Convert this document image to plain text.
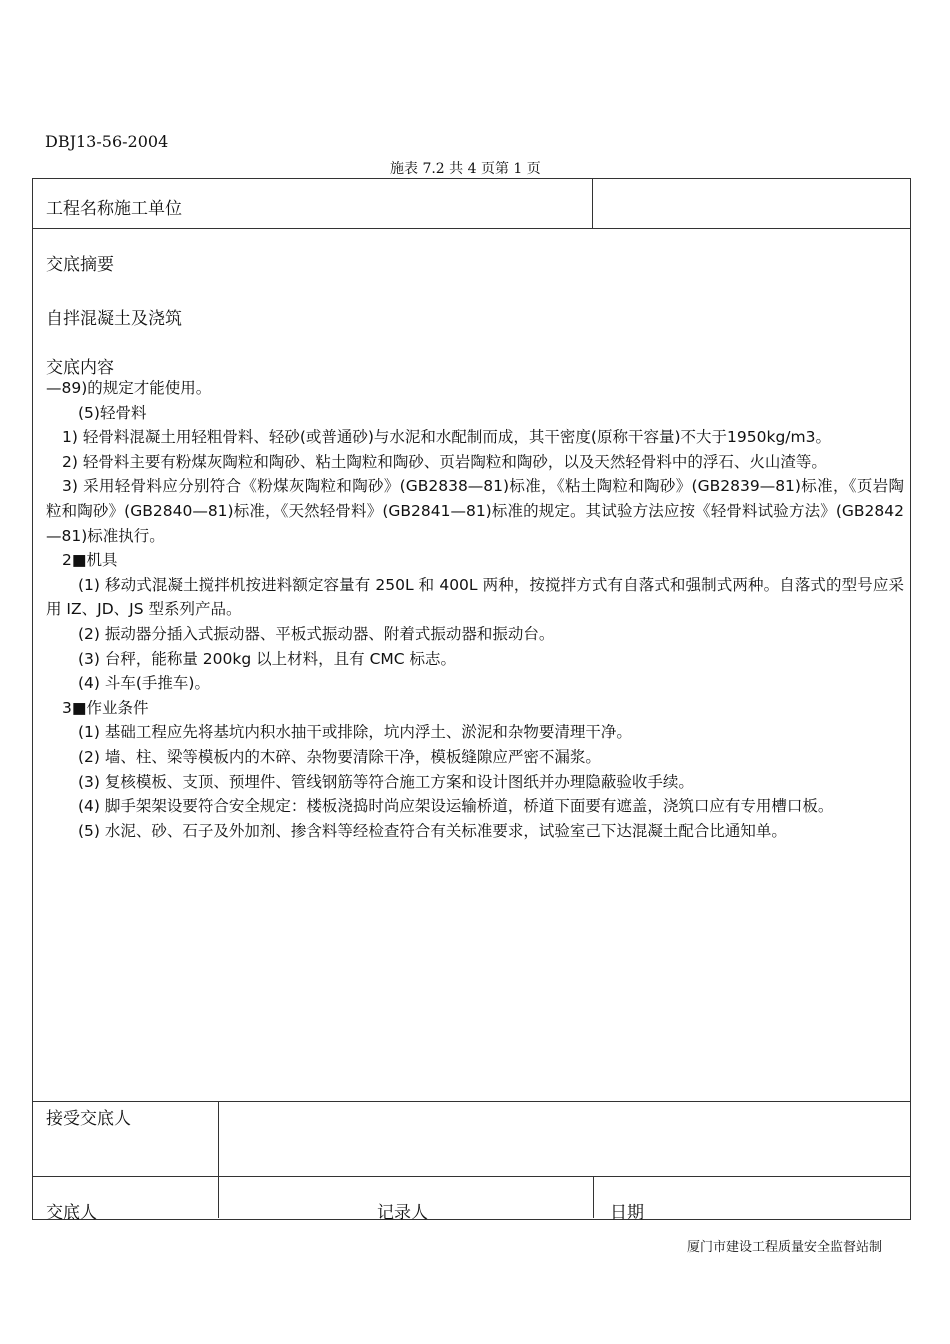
DBJ13-56-2004
施表 7.2 共 4 页第 1 页
工程名称施工单位
交底摘要
自拌混凝土及浇筑
交底内容

—89)的规定才能使用。

(5)轻骨料

1) 轻骨料混凝土用轻粗骨料、轻砂(或普通砂)与水泥和水配制而成，其干密度(原称干容量)不大于1950kg/m3。

2) 轻骨料主要有粉煤灰陶粒和陶砂、粘土陶粒和陶砂、页岩陶粒和陶砂，以及天然轻骨料中的浮石、火山渣等。

3) 采用轻骨料应分别符合《粉煤灰陶粒和陶砂》(GB2838—81)标准，《粘土陶粒和陶砂》(GB2839—81)标准，《页岩陶粒和陶砂》(GB2840—81)标准，《天然轻骨料》(GB2841—81)标准的规定。其试验方法应按《轻骨料试验方法》(GB2842—81)标准执行。

2■机具

(1) 移动式混凝土搅拌机按进料额定容量有 250L 和 400L 两种，按搅拌方式有自落式和强制式两种。自落式的型号应采用 IZ、JD、JS 型系列产品。

(2) 振动器分插入式振动器、平板式振动器、附着式振动器和振动台。

(3) 台秤，能称量 200kg 以上材料，且有 CMC 标志。

(4) 斗车(手推车)。

3■作业条件

(1) 基础工程应先将基坑内积水抽干或排除，坑内浮土、淤泥和杂物要清理干净。

(2) 墙、柱、梁等模板内的木碎、杂物要清除干净，模板缝隙应严密不漏浆。

(3) 复核模板、支顶、预埋件、管线钢筋等符合施工方案和设计图纸并办理隐蔽验收手续。

(4) 脚手架架设要符合安全规定：楼板浇捣时尚应架设运输桥道，桥道下面要有遮盖，浇筑口应有专用槽口板。

(5) 水泥、砂、石子及外加剂、掺含料等经检查符合有关标准要求，试验室己下达混凝土配合比通知单。

接受交底人
交底人	记录人	日期
厦门市建设工程质量安全监督站制
